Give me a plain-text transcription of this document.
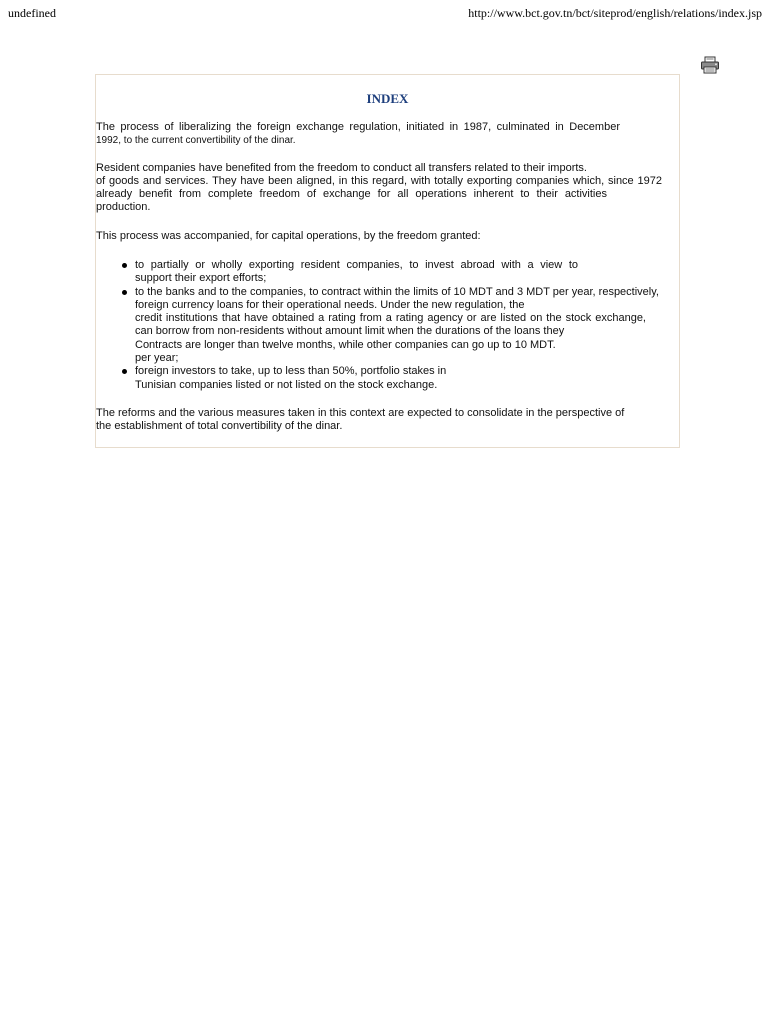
undefined	http://www.bct.gov.tn/bct/siteprod/english/relations/index.jsp
INDEX
The process of liberalizing the foreign exchange regulation, initiated in 1987, culminated in December
1992, to the current convertibility of the dinar.
Resident companies have benefited from the freedom to conduct all transfers related to their imports.
of goods and services. They have been aligned, in this regard, with totally exporting companies which, since 1972
already benefit from complete freedom of exchange for all operations inherent to their activities
production.
This process was accompanied, for capital operations, by the freedom granted:
to partially or wholly exporting resident companies, to invest abroad with a view to
support their export efforts;
to the banks and to the companies, to contract within the limits of 10 MDT and 3 MDT per year, respectively,
foreign currency loans for their operational needs. Under the new regulation, the
credit institutions that have obtained a rating from a rating agency or are listed on the stock exchange,
can borrow from non-residents without amount limit when the durations of the loans they
Contracts are longer than twelve months, while other companies can go up to 10 MDT.
per year;
foreign investors to take, up to less than 50%, portfolio stakes in
Tunisian companies listed or not listed on the stock exchange.
The reforms and the various measures taken in this context are expected to consolidate in the perspective of
the establishment of total convertibility of the dinar.
